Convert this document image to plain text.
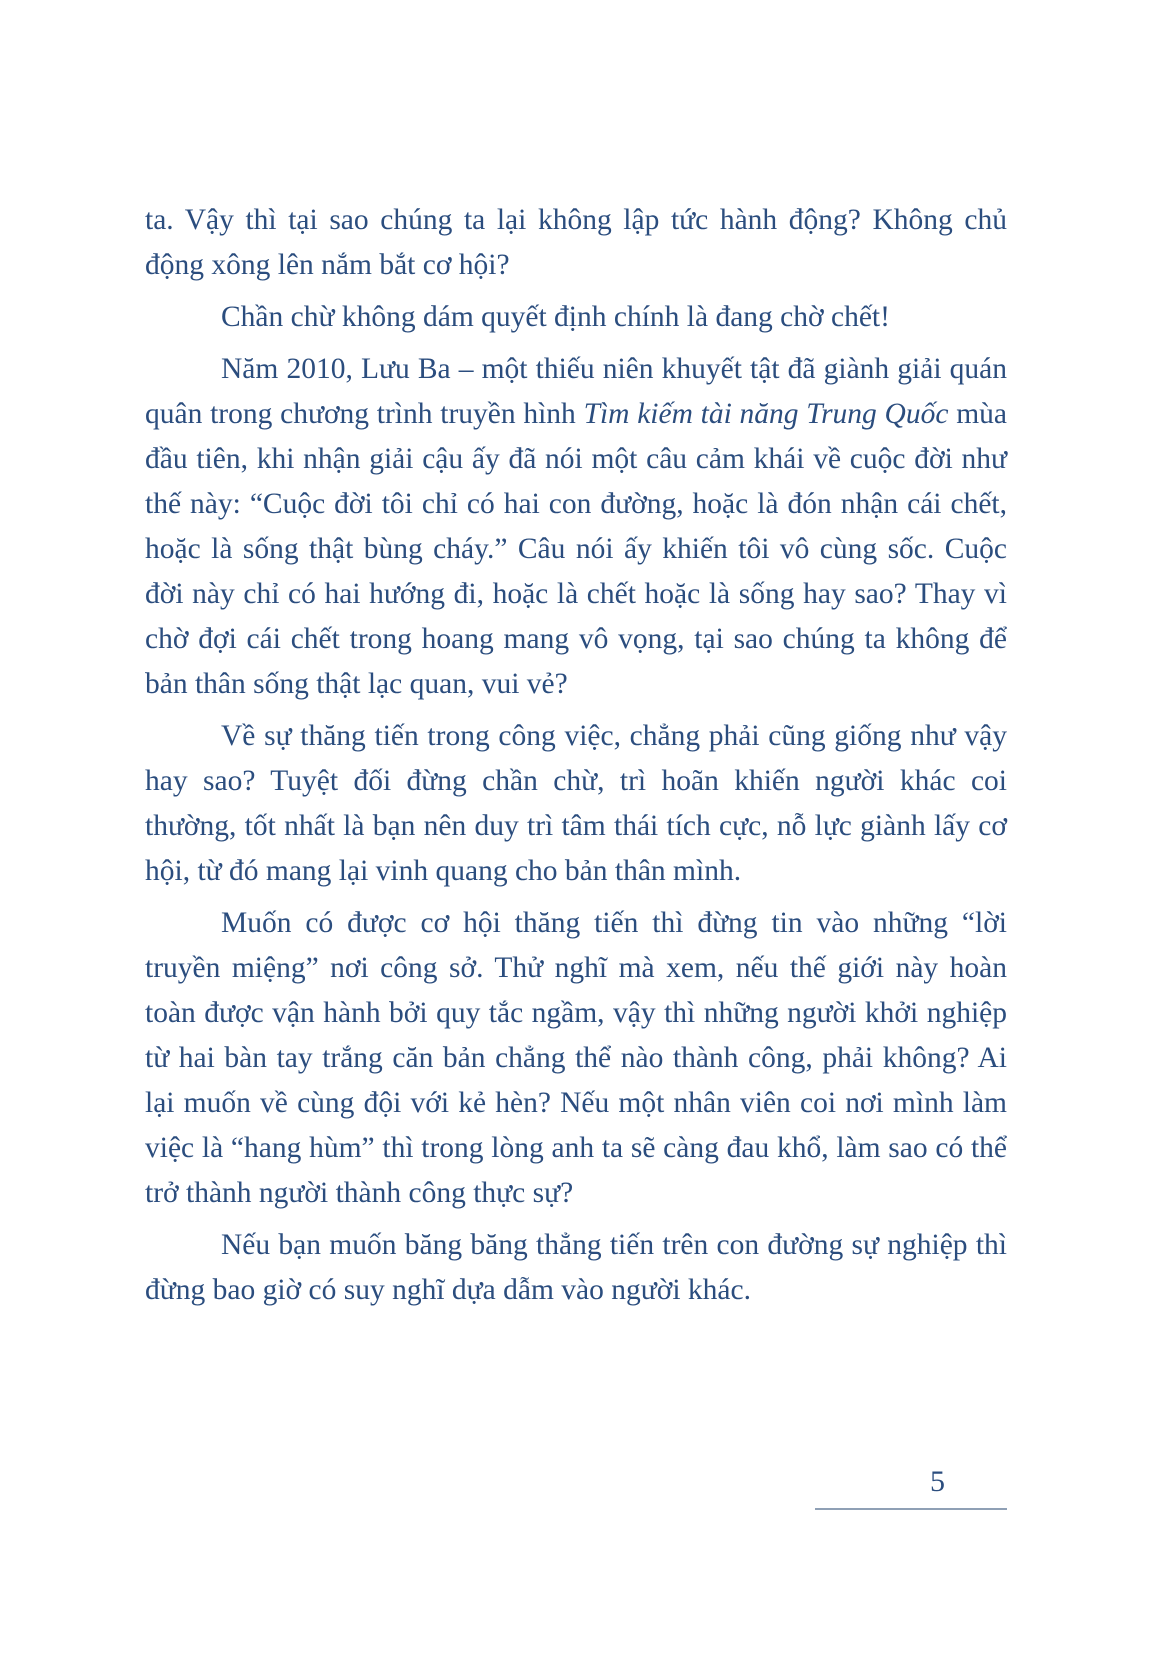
ta. Vậy thì tại sao chúng ta lại không lập tức hành động? Không chủ động xông lên nắm bắt cơ hội?

Chần chừ không dám quyết định chính là đang chờ chết!

Năm 2010, Lưu Ba – một thiếu niên khuyết tật đã giành giải quán quân trong chương trình truyền hình Tìm kiếm tài năng Trung Quốc mùa đầu tiên, khi nhận giải cậu ấy đã nói một câu cảm khái về cuộc đời như thế này: “Cuộc đời tôi chỉ có hai con đường, hoặc là đón nhận cái chết, hoặc là sống thật bùng cháy.” Câu nói ấy khiến tôi vô cùng sốc. Cuộc đời này chỉ có hai hướng đi, hoặc là chết hoặc là sống hay sao? Thay vì chờ đợi cái chết trong hoang mang vô vọng, tại sao chúng ta không để bản thân sống thật lạc quan, vui vẻ?

Về sự thăng tiến trong công việc, chẳng phải cũng giống như vậy hay sao? Tuyệt đối đừng chần chừ, trì hoãn khiến người khác coi thường, tốt nhất là bạn nên duy trì tâm thái tích cực, nỗ lực giành lấy cơ hội, từ đó mang lại vinh quang cho bản thân mình.

Muốn có được cơ hội thăng tiến thì đừng tin vào những “lời truyền miệng” nơi công sở. Thử nghĩ mà xem, nếu thế giới này hoàn toàn được vận hành bởi quy tắc ngầm, vậy thì những người khởi nghiệp từ hai bàn tay trắng căn bản chẳng thể nào thành công, phải không? Ai lại muốn về cùng đội với kẻ hèn? Nếu một nhân viên coi nơi mình làm việc là “hang hùm” thì trong lòng anh ta sẽ càng đau khổ, làm sao có thể trở thành người thành công thực sự?

Nếu bạn muốn băng băng thẳng tiến trên con đường sự nghiệp thì đừng bao giờ có suy nghĩ dựa dẫm vào người khác.

5
